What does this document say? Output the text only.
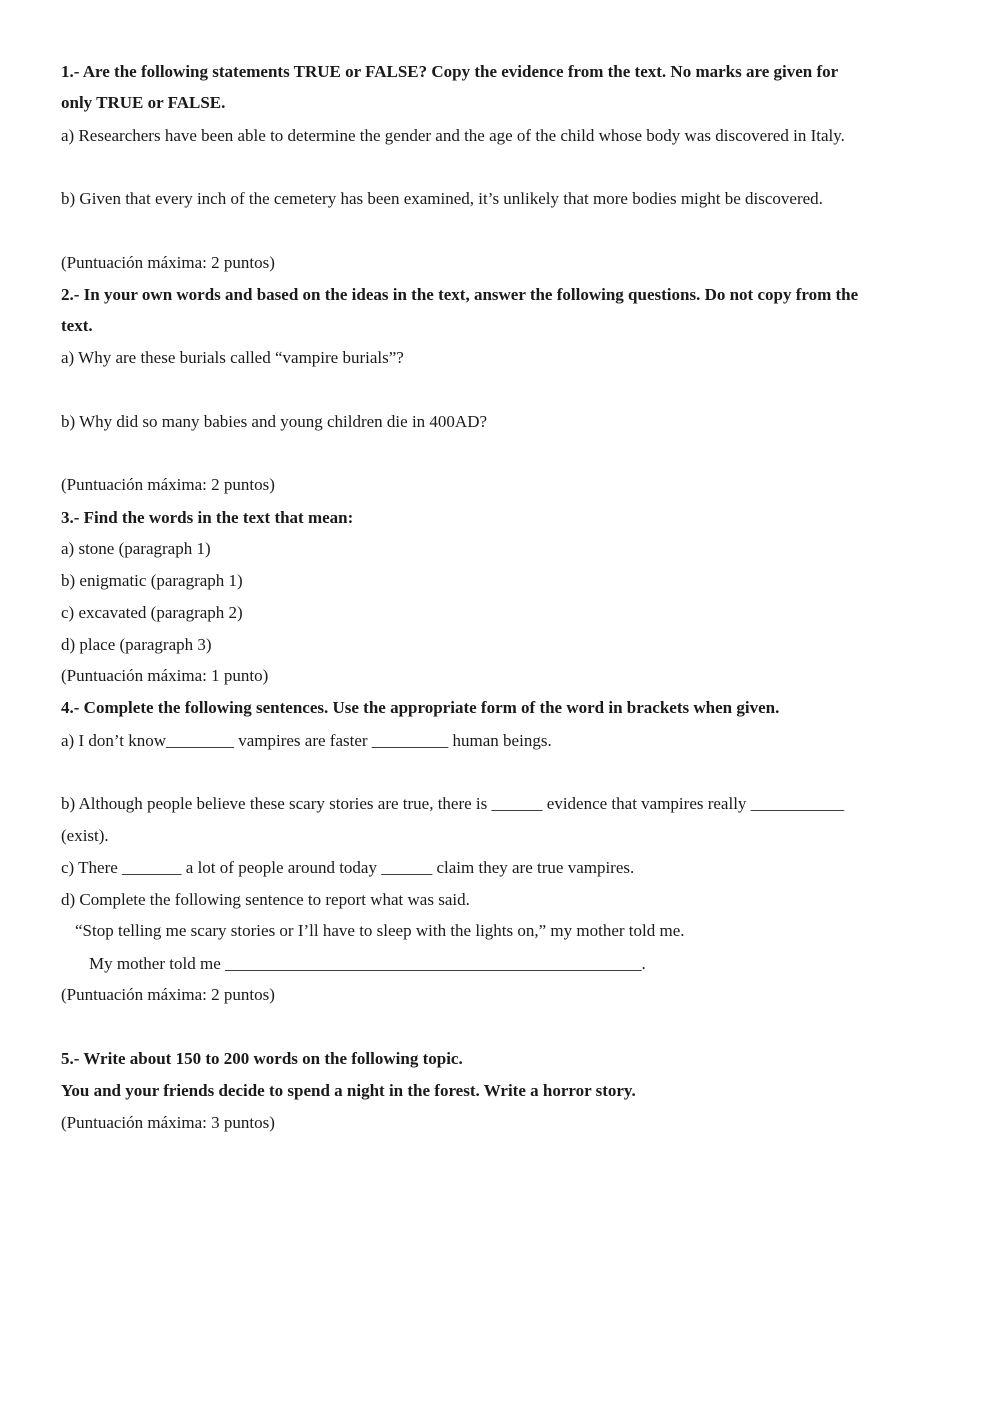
1.- Are the following statements TRUE or FALSE? Copy the evidence from the text. No marks are given for
only TRUE or FALSE.
a) Researchers have been able to determine the gender and the age of the child whose body was discovered in Italy.
b) Given that every inch of the cemetery has been examined, it’s unlikely that more bodies might be discovered.
(Puntuación máxima: 2 puntos)
2.- In your own words and based on the ideas in the text, answer the following questions. Do not copy from the
text.
a) Why are these burials called “vampire burials”?
b) Why did so many babies and young children die in 400AD?
(Puntuación máxima: 2 puntos)
3.- Find the words in the text that mean:
a) stone (paragraph 1)
b) enigmatic (paragraph 1)
c) excavated (paragraph 2)
d) place (paragraph 3)
(Puntuación máxima: 1 punto)
4.- Complete the following sentences. Use the appropriate form of the word in brackets when given.
a) I don’t know________ vampires are faster _________ human beings.
b) Although people believe these scary stories are true, there is ______ evidence that vampires really ___________
(exist).
c) There _______ a lot of people around today ______ claim they are true vampires.
d) Complete the following sentence to report what was said.
“Stop telling me scary stories or I’ll have to sleep with the lights on,” my mother told me.
My mother told me _________________________________________________.
(Puntuación máxima: 2 puntos)
5.- Write about 150 to 200 words on the following topic.
You and your friends decide to spend a night in the forest. Write a horror story.
(Puntuación máxima: 3 puntos)
